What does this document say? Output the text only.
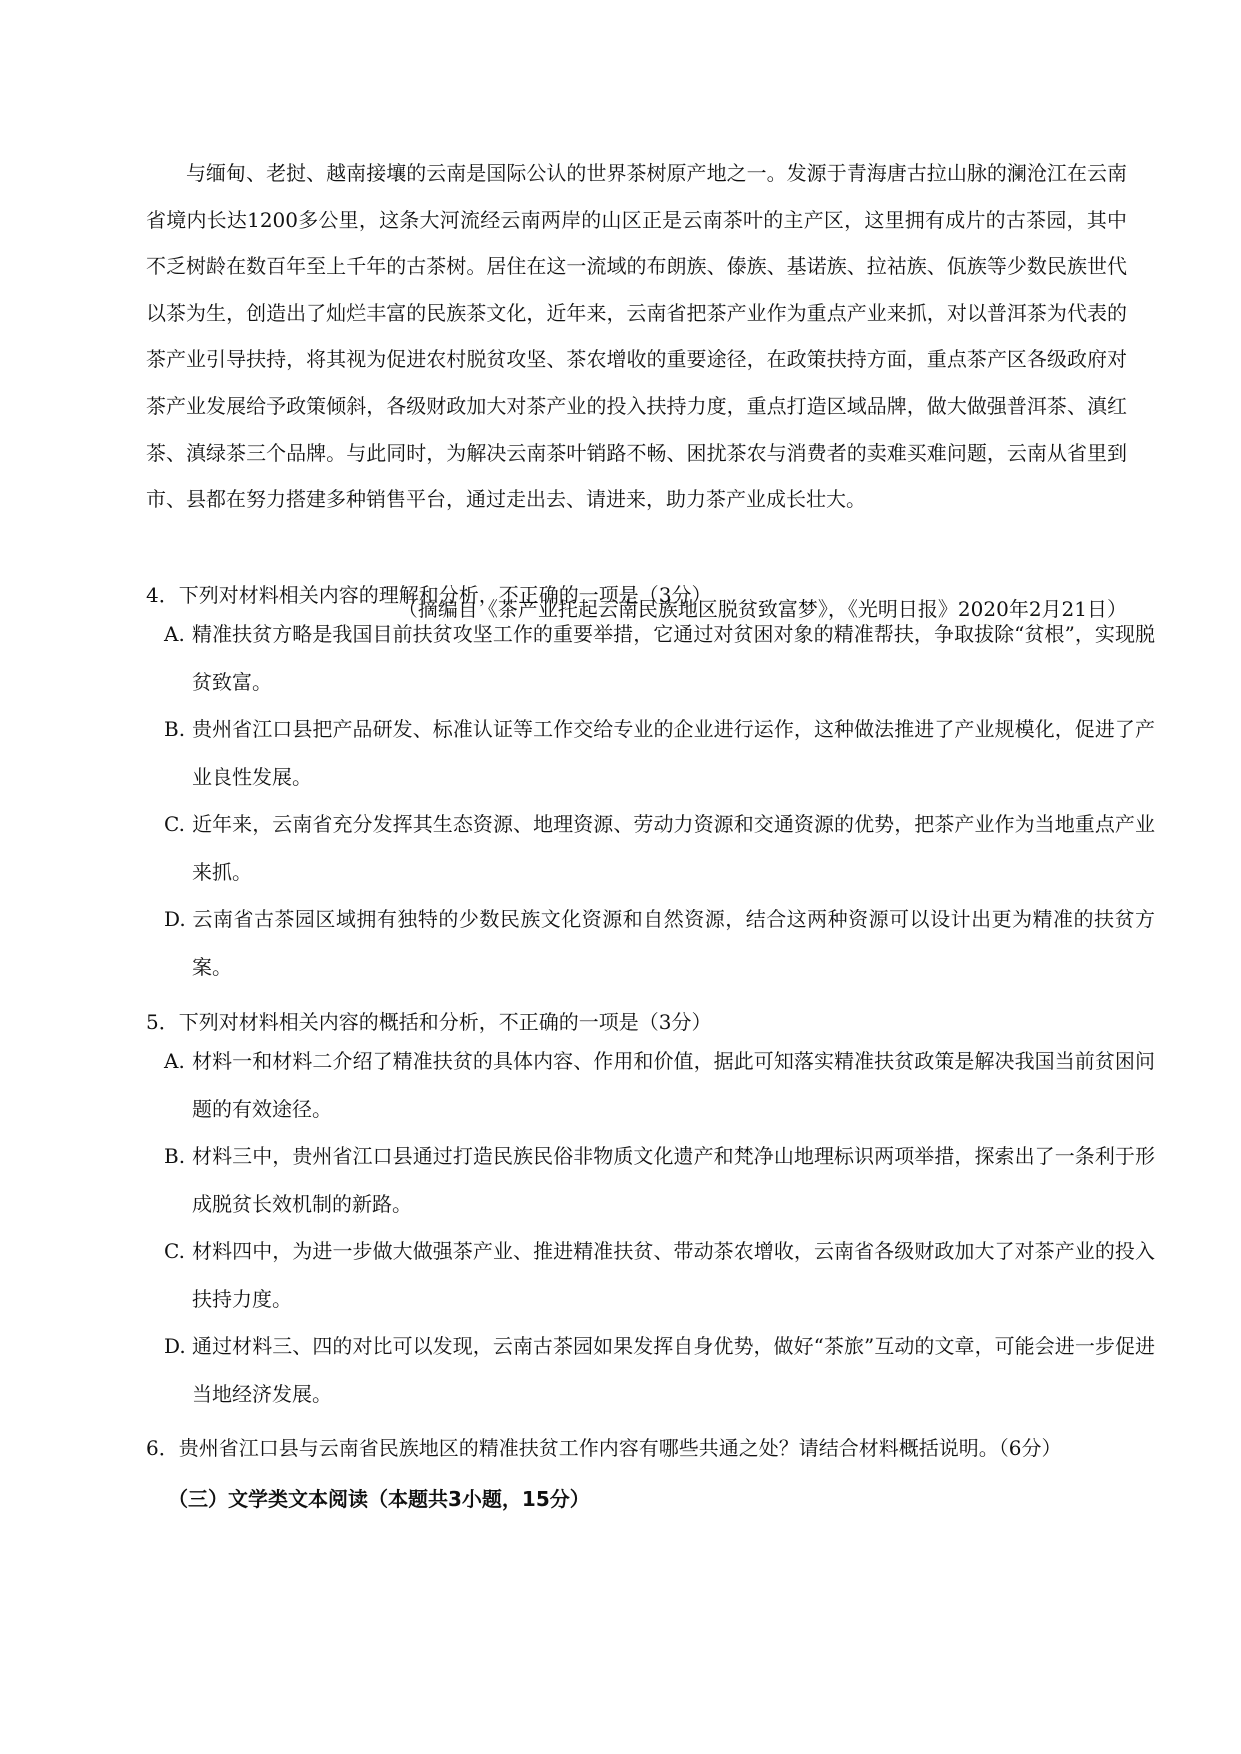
与缅甸、老挝、越南接壤的云南是国际公认的世界茶树原产地之一。发源于青海唐古拉山脉的澜沧江在云南省境内长达1200多公里，这条大河流经云南两岸的山区正是云南茶叶的主产区，这里拥有成片的古茶园，其中不乏树龄在数百年至上千年的古茶树。居住在这一流域的布朗族、傣族、基诺族、拉祜族、佤族等少数民族世代以茶为生，创造出了灿烂丰富的民族茶文化，近年来，云南省把茶产业作为重点产业来抓，对以普洱茶为代表的茶产业引导扶持，将其视为促进农村脱贫攻坚、茶农增收的重要途径，在政策扶持方面，重点茶产区各级政府对茶产业发展给予政策倾斜，各级财政加大对茶产业的投入扶持力度，重点打造区域品牌，做大做强普洱茶、滇红茶、滇绿茶三个品牌。与此同时，为解决云南茶叶销路不畅、困扰茶农与消费者的卖难买难问题，云南从省里到市、县都在努力搭建多种销售平台，通过走出去、请进来，助力茶产业成长壮大。

（摘编自《茶产业托起云南民族地区脱贫致富梦》，《光明日报》2020年2月21日）

4．下列对材料相关内容的理解和分析，不正确的一项是（3分）

A. 精准扶贫方略是我国目前扶贫攻坚工作的重要举措，它通过对贫困对象的精准帮扶，争取拔除“贫根”，实现脱贫致富。

B. 贵州省江口县把产品研发、标准认证等工作交给专业的企业进行运作，这种做法推进了产业规模化，促进了产业良性发展。

C. 近年来，云南省充分发挥其生态资源、地理资源、劳动力资源和交通资源的优势，把茶产业作为当地重点产业来抓。

D. 云南省古茶园区域拥有独特的少数民族文化资源和自然资源，结合这两种资源可以设计出更为精准的扶贫方案。

5．下列对材料相关内容的概括和分析，不正确的一项是（3分）

A. 材料一和材料二介绍了精准扶贫的具体内容、作用和价值，据此可知落实精准扶贫政策是解决我国当前贫困问题的有效途径。

B. 材料三中，贵州省江口县通过打造民族民俗非物质文化遗产和梵净山地理标识两项举措，探索出了一条利于形成脱贫长效机制的新路。

C. 材料四中，为进一步做大做强茶产业、推进精准扶贫、带动茶农增收，云南省各级财政加大了对茶产业的投入扶持力度。

D. 通过材料三、四的对比可以发现，云南古茶园如果发挥自身优势，做好“茶旅”互动的文章，可能会进一步促进当地经济发展。

6．贵州省江口县与云南省民族地区的精准扶贫工作内容有哪些共通之处？请结合材料概括说明。（6分）

（三）文学类文本阅读（本题共3小题，15分）
